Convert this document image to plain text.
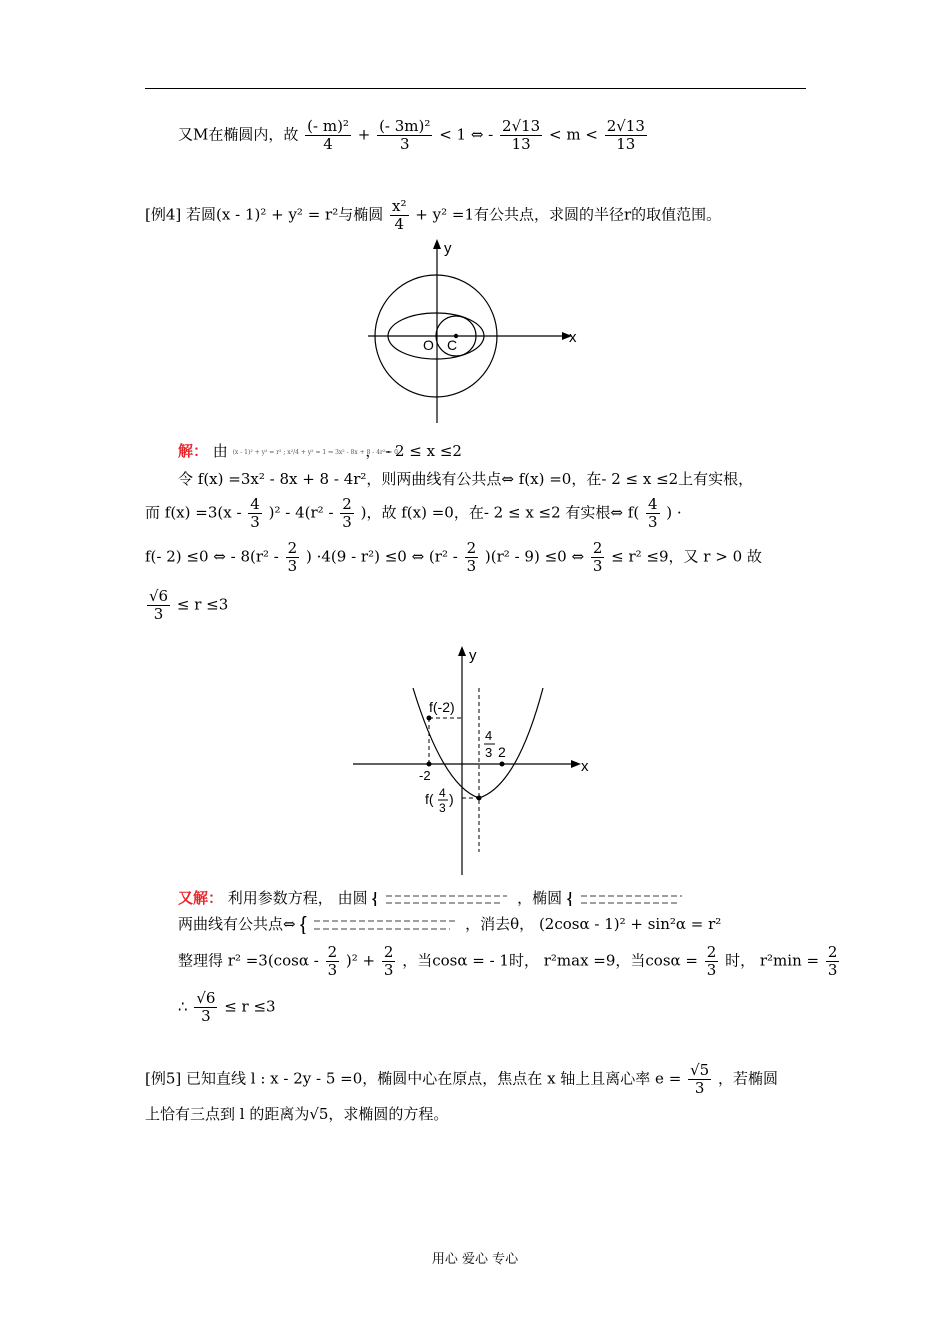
又M在椭圆内，故 $\frac{\text{(- m)²}}{4} + \frac{\text{(- 3m)²}}{3} < 1$ ⇔ - $\frac{2√13}{13} < m < \frac{2√13}{13}$
[例4] 若圆(x - 1)² + y² = r²与椭圆 $\frac{\text{x²}}{4} + y^2 =1$有公共点，求圆的半径r的取值范围。
y
x
O C
解： 由 (x - 1)² + y² = r² ; x²/4 + y² = 1 ⇒ 3x² - 8x + 8 - 4r² = 0 ， - 2 ≤ x ≤2
令 f(x) =3x² - 8x + 8 - 4r²，则两曲线有公共点⇔ f(x) =0，在- 2 ≤ x ≤2上有实根，
而 $f(x) =3(x - \frac{4}{3} )^2 - 4(r^2 - \frac{2}{3}$ )，故 f(x) =0，在- 2 ≤ x ≤2 有实根⇔ $f( \frac{4}{3}$ ) ·
f(- 2) ≤0 ⇔ - $8(r^2 - \frac{2}{3}$ ) ·4(9 - r²) ≤0 ⇔ $(r^2 - \frac{2}{3} )(r^2 - 9) \le 0$ ⇔ $\frac{2}{3} \le r^2 \le 9$，又 r > 0 故
$\frac{√6}{3} \le r \le 3$
y
x
f(-2)
4
3 2
-2
f( 4
3
)
又解： 利用参数方程， 由圆 {	，椭圆 {
两曲线有公共点⇔ {	，消去θ， (2cosα - 1)² + sin²α = r²
整理得 $r^2 =3(\cos\alpha - \frac{2}{3} )^2 + \frac{2}{3}$ ，当cosα = - 1时， r²max =9，当$\cos\alpha = \frac{2}{3}$ 时， $r^2\min = \frac{2}{3}$
∴ $\frac{√6}{3} \le r \le 3$
[例5] 已知直线 l : x - 2y - 5 =0，椭圆中心在原点，焦点在 x 轴上且离心率 $e = \frac{√5}{3}$ ，若椭圆
上恰有三点到 l 的距离为√5，求椭圆的方程。
用心 爱心 专心
